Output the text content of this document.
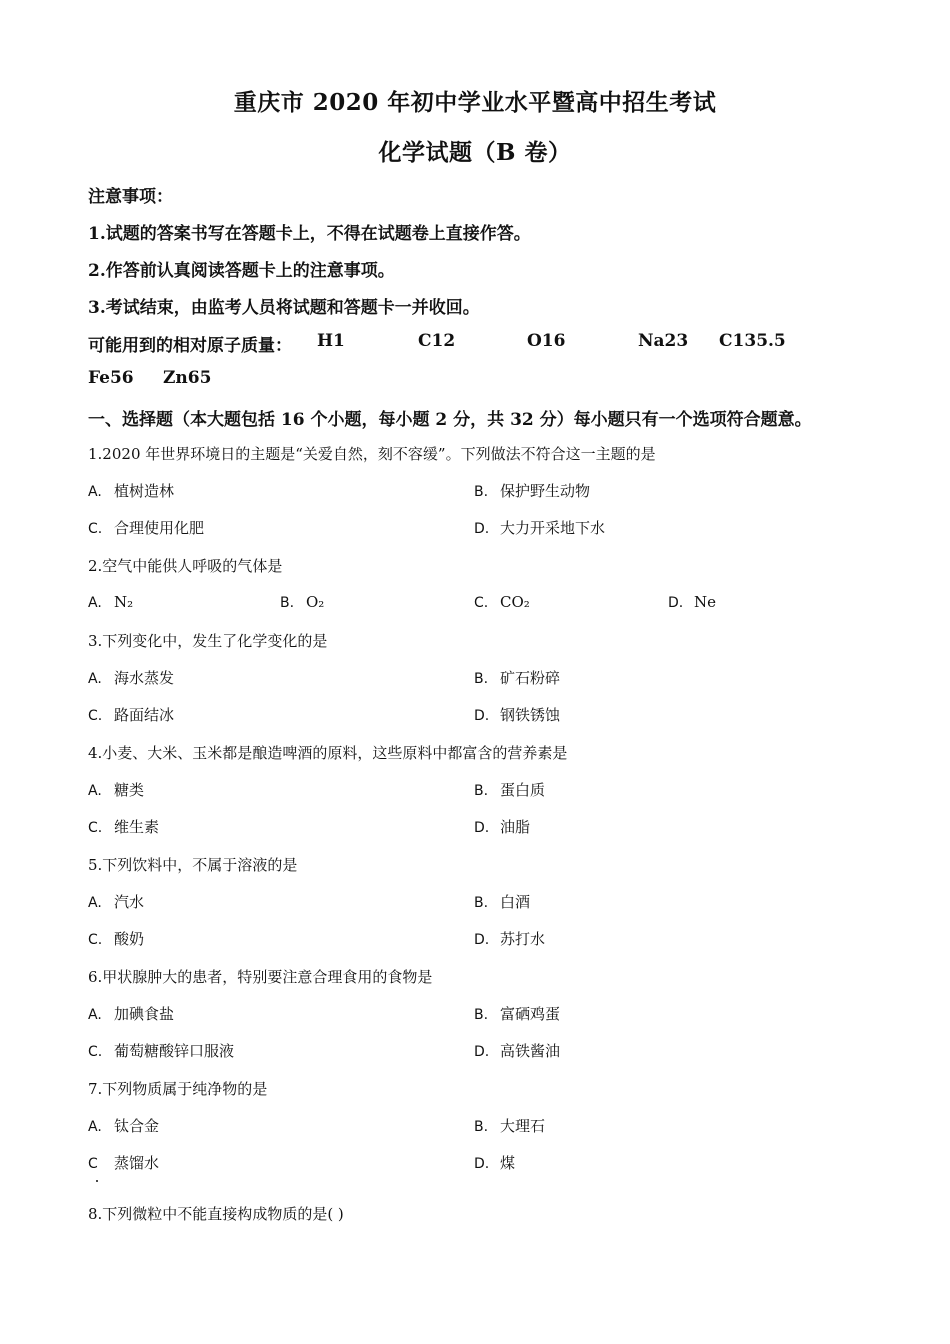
重庆市 2020 年初中学业水平暨高中招生考试
化学试题（B 卷）
注意事项：
1.试题的答案书写在答题卡上，不得在试题卷上直接作答。
2.作答前认真阅读答题卡上的注意事项。
3.考试结束，由监考人员将试题和答题卡一并收回。
可能用到的相对原子质量： H1	C12	O16	Na23 C135.5
Fe56 Zn65
一、选择题（本大题包括 16 个小题，每小题 2 分，共 32 分）每小题只有一个选项符合题意。
1.2020 年世界环境日的主题是“关爱自然，刻不容缓”。下列做法不符合这一主题的是
A. 植树造林	B. 保护野生动物
C. 合理使用化肥	D. 大力开采地下水
2.空气中能供人呼吸的气体是
A. N₂	B. O₂	C. CO₂	D. Ne
3.下列变化中，发生了化学变化的是
A. 海水蒸发	B. 矿石粉碎
C. 路面结冰	D. 钢铁锈蚀
4.小麦、大米、玉米都是酿造啤酒的原料，这些原料中都富含的营养素是
A. 糖类	B. 蛋白质
C. 维生素	D. 油脂
5.下列饮料中，不属于溶液的是
A. 汽水	B. 白酒
C. 酸奶	D. 苏打水
6.甲状腺肿大的患者，特别要注意合理食用的食物是
A. 加碘食盐	B. 富硒鸡蛋
C. 葡萄糖酸锌口服液	D. 高铁酱油
7.下列物质属于纯净物的是
A. 钛合金	B. 大理石
C 蒸馏水	D. 煤
8.下列微粒中不能直接构成物质的是( )
